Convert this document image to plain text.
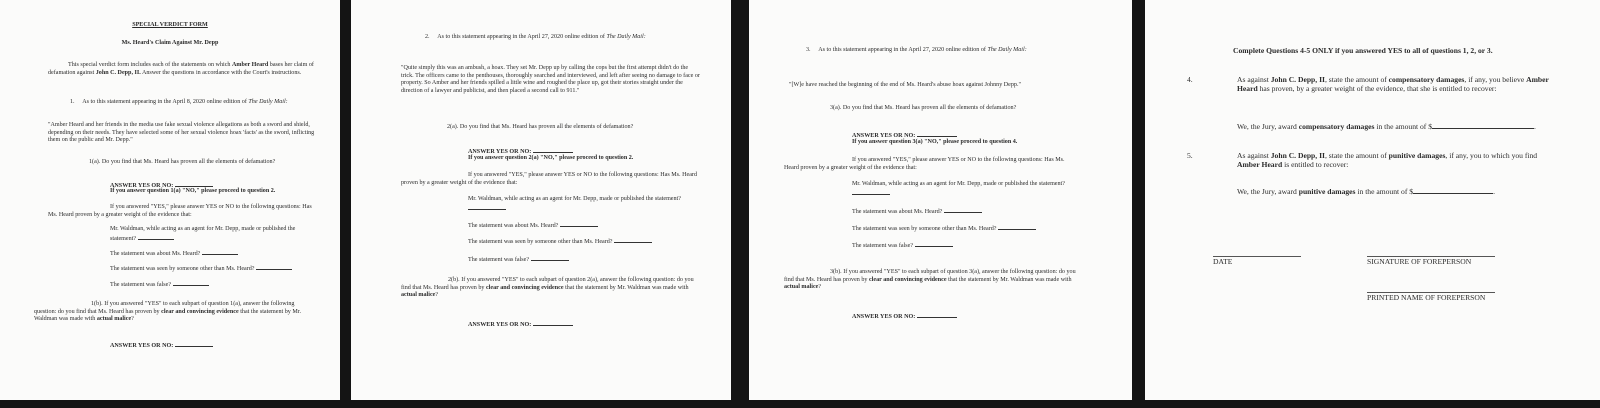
SPECIAL VERDICT FORM
Ms. Heard's Claim Against Mr. Depp
This special verdict form includes each of the statements on which Amber Heard bases her claim of defamation against John C. Depp, II. Answer the questions in accordance with the Court's instructions.
1. As to this statement appearing in the April 8, 2020 online edition of The Daily Mail:
"Amber Heard and her friends in the media use fake sexual violence allegations as both a sword and shield, depending on their needs. They have selected some of her sexual violence hoax 'facts' as the sword, inflicting them on the public and Mr. Depp."
1(a). Do you find that Ms. Heard has proven all the elements of defamation?
ANSWER YES OR NO:
If you answer question 1(a) "NO," please proceed to question 2.
If you answered "YES," please answer YES or NO to the following questions: Has Ms. Heard proven by a greater weight of the evidence that:
Mr. Waldman, while acting as an agent for Mr. Depp, made or published the statement?
The statement was about Ms. Heard?
The statement was seen by someone other than Ms. Heard?
The statement was false?
1(b). If you answered "YES" to each subpart of question 1(a), answer the following question: do you find that Ms. Heard has proven by clear and convincing evidence that the statement by Mr. Waldman was made with actual malice?
ANSWER YES OR NO:
2. As to this statement appearing in the April 27, 2020 online edition of The Daily Mail:
"Quite simply this was an ambush, a hoax. They set Mr. Depp up by calling the cops but the first attempt didn't do the trick. The officers came to the penthouses, thoroughly searched and interviewed, and left after seeing no damage to face or property. So Amber and her friends spilled a little wine and roughed the place up, got their stories straight under the direction of a lawyer and publicist, and then placed a second call to 911."
2(a). Do you find that Ms. Heard has proven all the elements of defamation?
ANSWER YES OR NO:
If you answer question 2(a) "NO," please proceed to question 2.
If you answered "YES," please answer YES or NO to the following questions: Has Ms. Heard proven by a greater weight of the evidence that:
Mr. Waldman, while acting as an agent for Mr. Depp, made or published the statement?
The statement was about Ms. Heard?
The statement was seen by someone other than Ms. Heard?
The statement was false?
2(b). If you answered "YES" to each subpart of question 2(a), answer the following question: do you find that Ms. Heard has proven by clear and convincing evidence that the statement by Mr. Waldman was made with actual malice?
ANSWER YES OR NO:
3. As to this statement appearing in the April 27, 2020 online edition of The Daily Mail:
"[W]e have reached the beginning of the end of Ms. Heard's abuse hoax against Johnny Depp."
3(a). Do you find that Ms. Heard has proven all the elements of defamation?
ANSWER YES OR NO:
If you answer question 3(a) "NO," please proceed to question 4.
If you answered "YES," please answer YES or NO to the following questions: Has Ms. Heard proven by a greater weight of the evidence that:
Mr. Waldman, while acting as an agent for Mr. Depp, made or published the statement?
The statement was about Ms. Heard?
The statement was seen by someone other than Ms. Heard?
The statement was false?
3(b). If you answered "YES" to each subpart of question 3(a), answer the following question: do you find that Ms. Heard has proven by clear and convincing evidence that the statement by Mr. Waldman was made with actual malice?
ANSWER YES OR NO:
Complete Questions 4-5 ONLY if you answered YES to all of questions 1, 2, or 3.
4.	As against John C. Depp, II, state the amount of compensatory damages, if any, you believe Amber Heard has proven, by a greater weight of the evidence, that she is entitled to recover:
We, the Jury, award compensatory damages in the amount of $	.
5.	As against John C. Depp, II, state the amount of punitive damages, if any, you to which you find Amber Heard is entitled to recover:
We, the Jury, award punitive damages in the amount of $	.
DATE	SIGNATURE OF FOREPERSON
PRINTED NAME OF FOREPERSON
